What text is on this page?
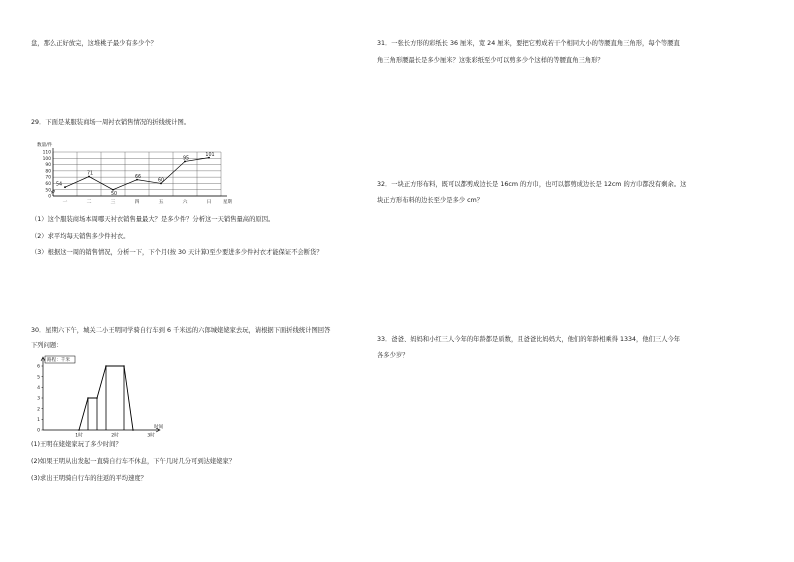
盘，那么正好放完，这堆桃子最少有多少个？
29．下面是某服装商场一周衬衣销售情况的折线统计图。
数量/件
0
50
60
70
80
90
100
110
54
一
71
二
50
三
66
四
60
五
95
六
101
日	星期
（1）这个服装商场本周哪天衬衣销售量最大？是多少件？分析这一天销售量高的原因。
（2）求平均每天销售多少件衬衣。
（3）根据这一周的销售情况，分析一下，下个月(按 30 天计算)至少要进多少件衬衣才能保证不会断货？
30．星期六下午，城关二小王明同学骑自行车到 6 千米远的六郎城姥姥家去玩，请根据下面折线统计图回答
下列问题：
路程：千米
0
1
2
3
4
5
6
1时	2时	3时
时间
(1)王明在姥姥家玩了多少时间？
(2)如果王明从出发起一直骑自行车不休息，下午几时几分可到达姥姥家？
(3)求出王明骑自行车的往返的平均速度？
31．一张长方形的彩纸长 36 厘米，宽 24 厘米，要把它剪成若干个相同大小的等腰直角三角形，每个等腰直
角三角形腰最长是多少厘米？这张彩纸至少可以剪多少个这样的等腰直角三角形？
32．一块正方形布料，既可以都剪成边长是 16cm 的方巾，也可以都剪成边长是 12cm 的方巾都没有剩余。这
块正方形布料的边长至少是多少 cm？
33．爸爸、妈妈和小红三人今年的年龄都是质数，且爸爸比妈妈大，他们的年龄相乘得 1334，他们三人今年
各多少岁？
